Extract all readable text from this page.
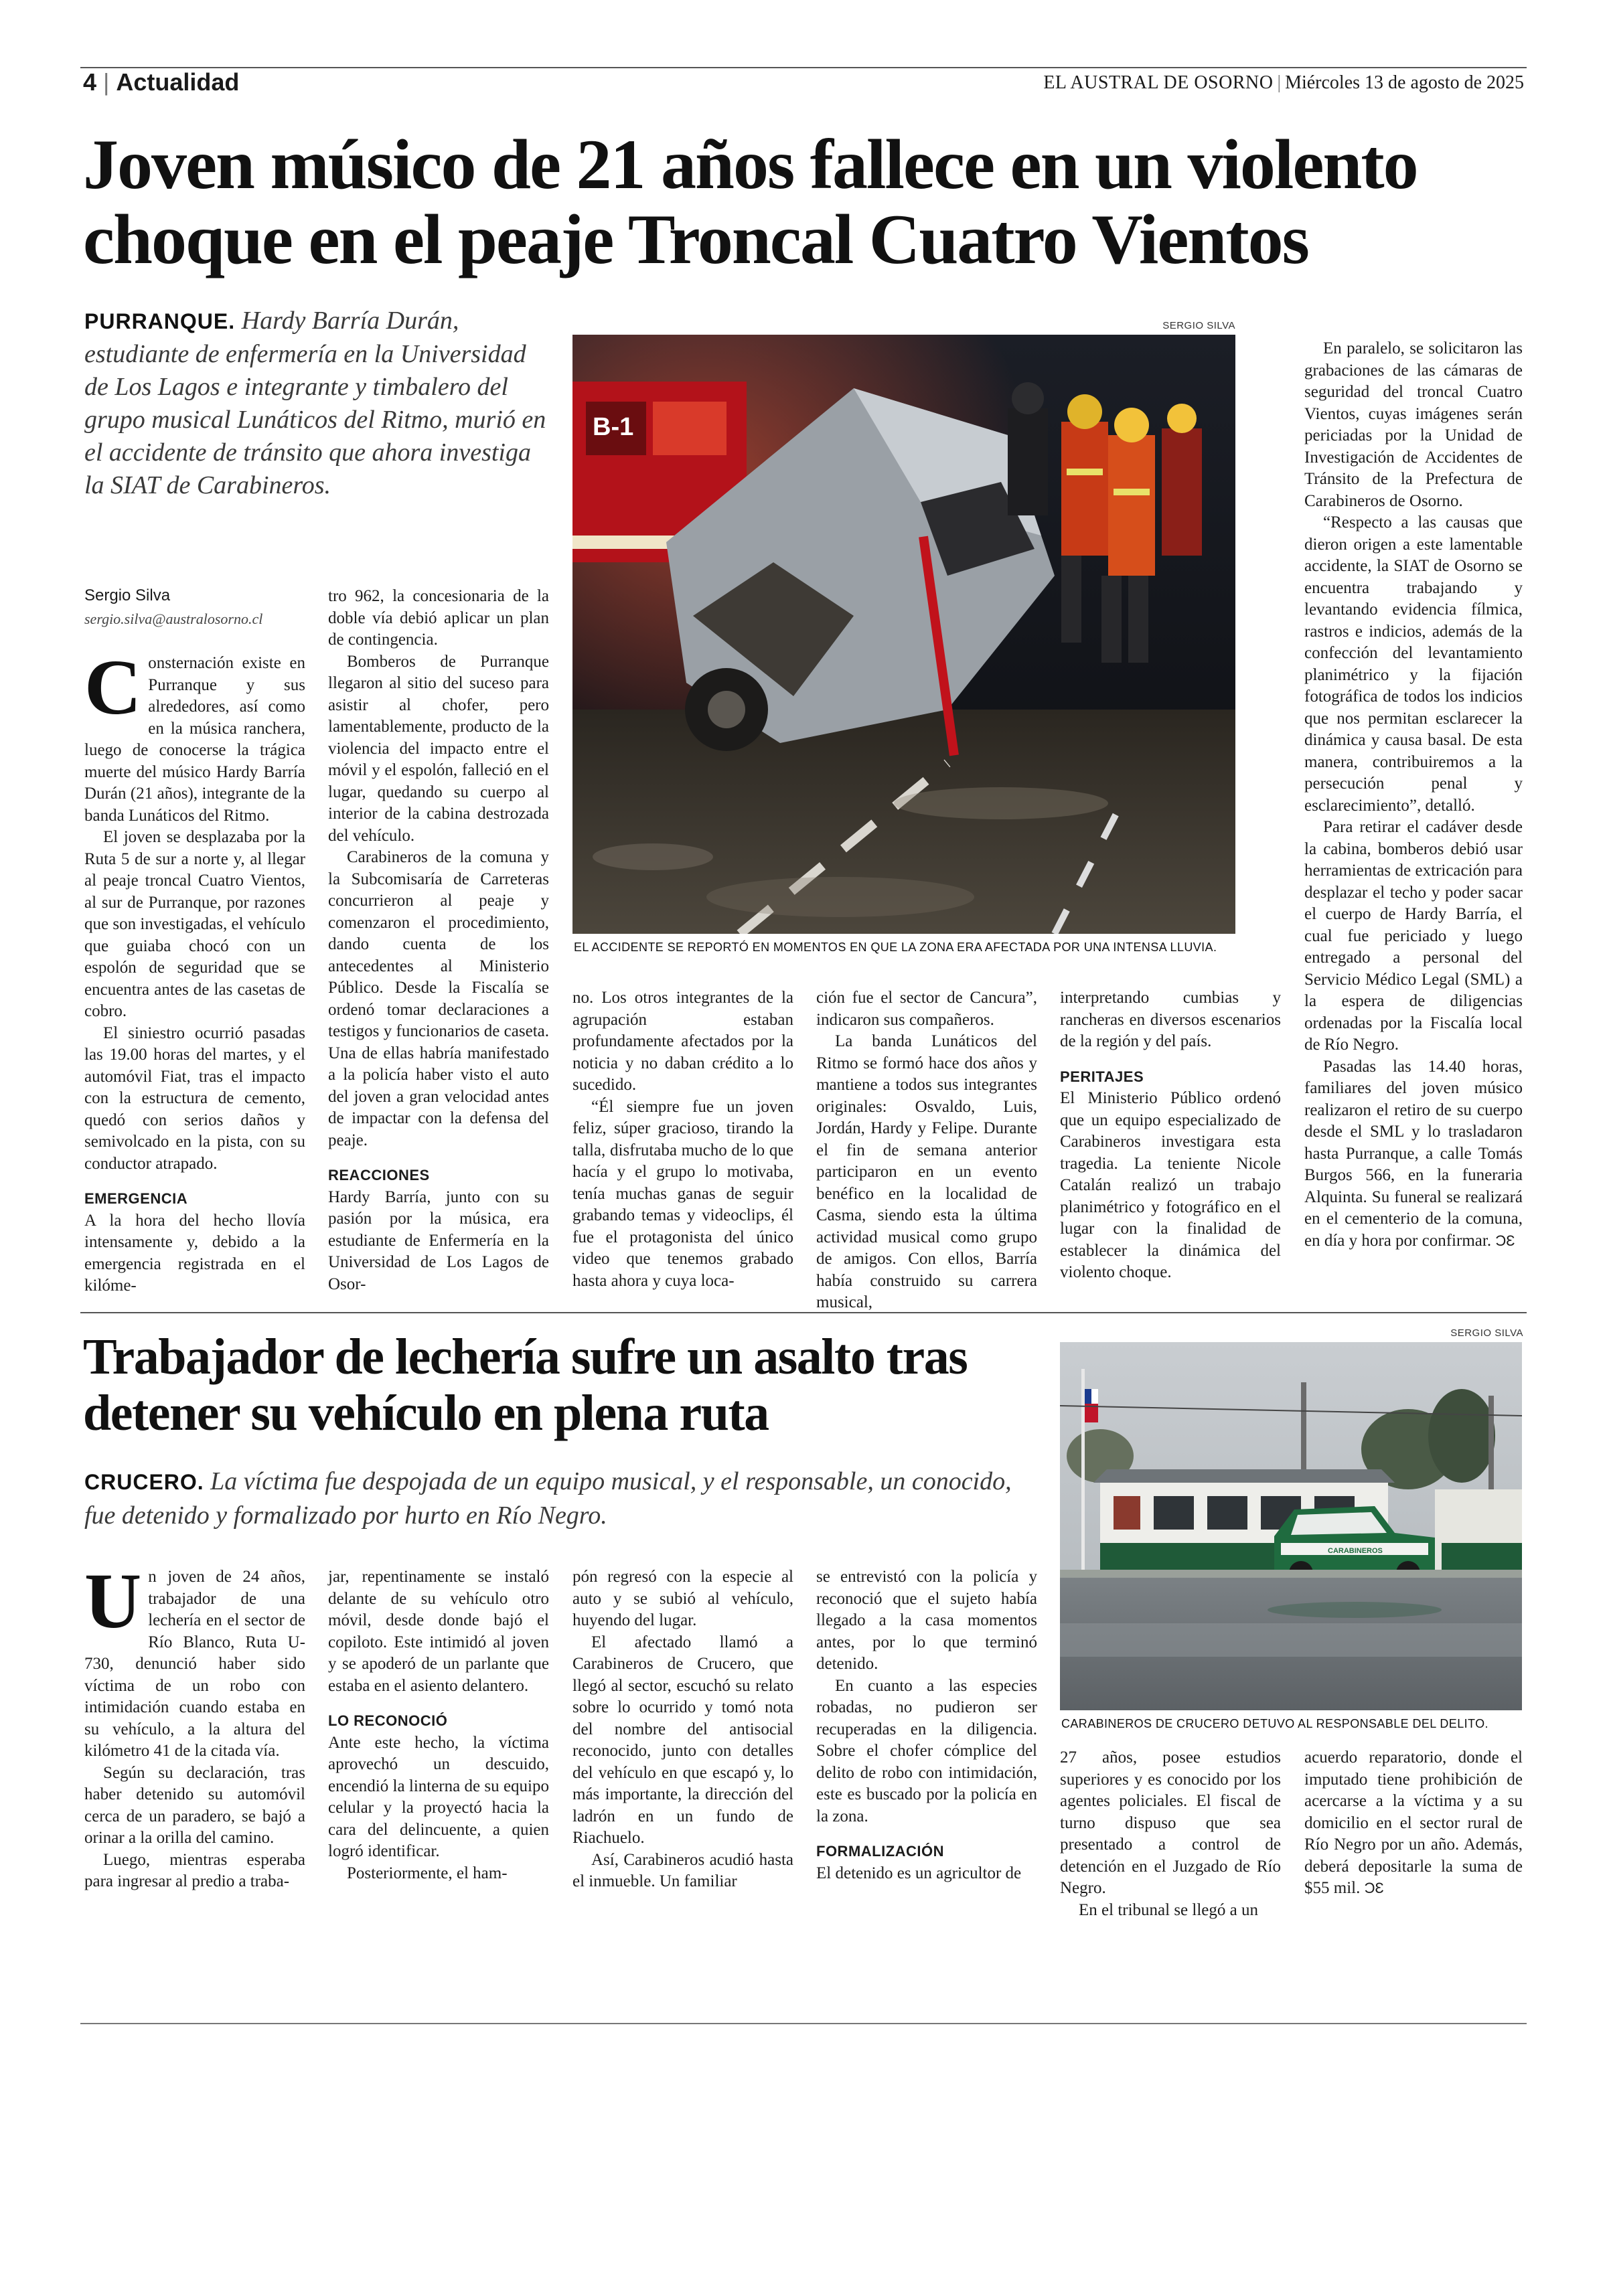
4 | Actualidad	EL AUSTRAL DE OSORNO | Miércoles 13 de agosto de 2025
Joven músico de 21 años fallece en un violento choque en el peaje Troncal Cuatro Vientos
PURRANQUE. Hardy Barría Durán, estudiante de enfermería en la Universidad de Los Lagos e integrante y timbalero del grupo musical Lunáticos del Ritmo, murió en el accidente de tránsito que ahora investiga la SIAT de Carabineros.
Sergio Silva
sergio.silva@australosorno.cl

Consternación existe en Purranque y sus alrededores, así como en la música ranchera, luego de conocerse la trágica muerte del músico Hardy Barría Durán (21 años), integrante de la banda Lunáticos del Ritmo.

El joven se desplazaba por la Ruta 5 de sur a norte y, al llegar al peaje troncal Cuatro Vientos, al sur de Purranque, por razones que son investigadas, el vehículo que guiaba chocó con un espolón de seguridad que se encuentra antes de las casetas de cobro.

El siniestro ocurrió pasadas las 19.00 horas del martes, y el automóvil Fiat, tras el impacto con la estructura de cemento, quedó con serios daños y semivolcado en la pista, con su conductor atrapado.

EMERGENCIA

A la hora del hecho llovía intensamente y, debido a la emergencia registrada en el kilóme-

tro 962, la concesionaria de la doble vía debió aplicar un plan de contingencia.

Bomberos de Purranque llegaron al sitio del suceso para asistir al chofer, pero lamentablemente, producto de la violencia del impacto entre el móvil y el espolón, falleció en el lugar, quedando su cuerpo al interior de la cabina destrozada del vehículo.

Carabineros de la comuna y la Subcomisaría de Carreteras concurrieron al peaje y comenzaron el procedimiento, dando cuenta de los antecedentes al Ministerio Público. Desde la Fiscalía se ordenó tomar declaraciones a testigos y funcionarios de caseta. Una de ellas habría manifestado a la policía haber visto el auto del joven a gran velocidad antes de impactar con la defensa del peaje.

REACCIONES

Hardy Barría, junto con su pasión por la música, era estudiante de Enfermería en la Universidad de Los Lagos de Osor-

SERGIO SILVA
B-1
EL ACCIDENTE SE REPORTÓ EN MOMENTOS EN QUE LA ZONA ERA AFECTADA POR UNA INTENSA LLUVIA.

no. Los otros integrantes de la agrupación estaban profundamente afectados por la noticia y no daban crédito a lo sucedido.

“Él siempre fue un joven feliz, súper gracioso, tirando la talla, disfrutaba mucho de lo que hacía y el grupo lo motivaba, tenía muchas ganas de seguir grabando temas y videoclips, él fue el protagonista del único video que tenemos grabado hasta ahora y cuya loca-

ción fue el sector de Cancura”, indicaron sus compañeros.

La banda Lunáticos del Ritmo se formó hace dos años y mantiene a todos sus integrantes originales: Osvaldo, Luis, Jordán, Hardy y Felipe. Durante el fin de semana anterior participaron en un evento benéfico en la localidad de Casma, siendo esta la última actividad musical como grupo de amigos. Con ellos, Barría había construido su carrera musical,

interpretando cumbias y rancheras en diversos escenarios de la región y del país.

PERITAJES

El Ministerio Público ordenó que un equipo especializado de Carabineros investigara esta tragedia. La teniente Nicole Catalán realizó un trabajo planimétrico y fotográfico en el lugar con la finalidad de establecer la dinámica del violento choque.

En paralelo, se solicitaron las grabaciones de las cámaras de seguridad del troncal Cuatro Vientos, cuyas imágenes serán periciadas por la Unidad de Investigación de Accidentes de Tránsito de la Prefectura de Carabineros de Osorno.

“Respecto a las causas que dieron origen a este lamentable accidente, la SIAT de Osorno se encuentra trabajando y levantando evidencia fílmica, rastros e indicios, además de la confección del levantamiento planimétrico y la fijación fotográfica de todos los indicios que nos permitan esclarecer la dinámica y causa basal. De esta manera, contribuiremos a la persecución penal y esclarecimiento”, detalló.

Para retirar el cadáver desde la cabina, bomberos debió usar herramientas de extricación para desplazar el techo y poder sacar el cuerpo de Hardy Barría, el cual fue periciado y luego entregado a personal del Servicio Médico Legal (SML) a la espera de diligencias ordenadas por la Fiscalía local de Río Negro.

Pasadas las 14.40 horas, familiares del joven músico realizaron el retiro de su cuerpo desde el SML y lo trasladaron hasta Purranque, a calle Tomás Burgos 566, en la funeraria Alquinta. Su funeral se realizará en el cementerio de la comuna, en día y hora por confirmar. ƆƐ

Trabajador de lechería sufre un asalto tras detener su vehículo en plena ruta
CRUCERO. La víctima fue despojada de un equipo musical, y el responsable, un conocido, fue detenido y formalizado por hurto en Río Negro.

Un joven de 24 años, trabajador de una lechería en el sector de Río Blanco, Ruta U-730, denunció haber sido víctima de un robo con intimidación cuando estaba en su vehículo, a la altura del kilómetro 41 de la citada vía.

Según su declaración, tras haber detenido su automóvil cerca de un paradero, se bajó a orinar a la orilla del camino.

Luego, mientras esperaba para ingresar al predio a traba-

jar, repentinamente se instaló delante de su vehículo otro móvil, desde donde bajó el copiloto. Este intimidó al joven y se apoderó de un parlante que estaba en el asiento delantero.

LO RECONOCIÓ

Ante este hecho, la víctima aprovechó un descuido, encendió la linterna de su equipo celular y la proyectó hacia la cara del delincuente, a quien logró identificar.

Posteriormente, el ham-

pón regresó con la especie al auto y se subió al vehículo, huyendo del lugar.

El afectado llamó a Carabineros de Crucero, que llegó al sector, escuchó su relato sobre lo ocurrido y tomó nota del nombre del antisocial reconocido, junto con detalles del vehículo en que escapó y, lo más importante, la dirección del ladrón en un fundo de Riachuelo.

Así, Carabineros acudió hasta el inmueble. Un familiar

se entrevistó con la policía y reconoció que el sujeto había llegado a la casa momentos antes, por lo que terminó detenido.

En cuanto a las especies robadas, no pudieron ser recuperadas en la diligencia. Sobre el chofer cómplice del delito de robo con intimidación, este es buscado por la policía en la zona.

FORMALIZACIÓN

El detenido es un agricultor de

SERGIO SILVA
CARABINEROS
CARABINEROS DE CRUCERO DETUVO AL RESPONSABLE DEL DELITO.

27 años, posee estudios superiores y es conocido por los agentes policiales. El fiscal de turno dispuso que sea presentado a control de detención en el Juzgado de Río Negro.

En el tribunal se llegó a un

acuerdo reparatorio, donde el imputado tiene prohibición de acercarse a la víctima y a su domicilio en el sector rural de Río Negro por un año. Además, deberá depositarle la suma de $55 mil. ƆƐ
